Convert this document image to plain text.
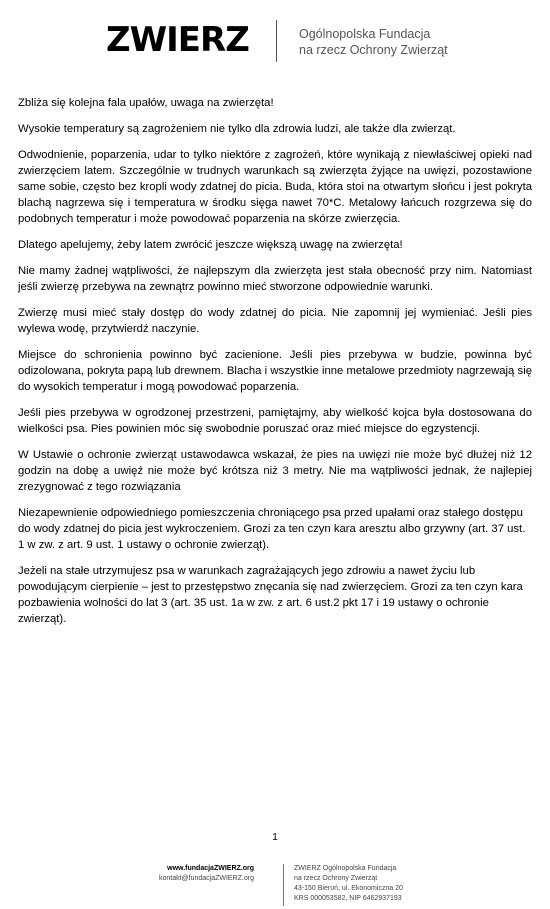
ZWIERZ	Ogólnopolska Fundacja
na rzecz Ochrony Zwierząt

Zbliża się kolejna fala upałów, uwaga na zwierzęta!

Wysokie temperatury są zagrożeniem nie tylko dla zdrowia ludzi, ale także dla zwierząt.

Odwodnienie, poparzenia, udar to tylko niektóre z zagrożeń, które wynikają z niewłaściwej opieki nad zwierzęciem latem. Szczególnie w trudnych warunkach są zwierzęta żyjące na uwięzi, pozostawione same sobie, często bez kropli wody zdatnej do picia. Buda, która stoi na otwartym słońcu i jest pokryta blachą nagrzewa się i temperatura w środku sięga nawet 70*C. Metalowy łańcuch rozgrzewa się do podobnych temperatur i może powodować poparzenia na skórze zwierzęcia.

Dlatego apelujemy, żeby latem zwrócić jeszcze większą uwagę na zwierzęta!

Nie mamy żadnej wątpliwości, że najlepszym dla zwierzęta jest stała obecność przy nim. Natomiast jeśli zwierzę przebywa na zewnątrz powinno mieć stworzone odpowiednie warunki.

Zwierzę musi mieć stały dostęp do wody zdatnej do picia. Nie zapomnij jej wymieniać. Jeśli pies wylewa wodę, przytwierdź naczynie.

Miejsce do schronienia powinno być zacienione. Jeśli pies przebywa w budzie, powinna być odizolowana, pokryta papą lub drewnem. Blacha i wszystkie inne metalowe przedmioty nagrzewają się do wysokich temperatur i mogą powodować poparzenia.

Jeśli pies przebywa w ogrodzonej przestrzeni, pamiętajmy, aby wielkość kojca była dostosowana do wielkości psa. Pies powinien móc się swobodnie poruszać oraz mieć miejsce do egzystencji.

W Ustawie o ochronie zwierząt ustawodawca wskazał, że pies na uwięzi nie może być dłużej niż 12 godzin na dobę a uwięź nie może być krótsza niż 3 metry. Nie ma wątpliwości jednak, że najlepiej zrezygnować z tego rozwiązania

Niezapewnienie odpowiedniego pomieszczenia chroniącego psa przed upałami oraz stałego dostępu do wody zdatnej do picia jest wykroczeniem. Grozi za ten czyn kara aresztu albo grzywny (art. 37 ust. 1 w zw. z art. 9 ust. 1 ustawy o ochronie zwierząt).

Jeżeli na stałe utrzymujesz psa w warunkach zagrażających jego zdrowiu a nawet życiu lub powodującym cierpienie – jest to przestępstwo znęcania się nad zwierzęciem. Grozi za ten czyn kara pozbawienia wolności do lat 3 (art. 35 ust. 1a w zw. z art. 6 ust.2 pkt 17 i 19 ustawy o ochronie zwierząt).

1
www.fundacjaZWIERZ.org
kontakt@fundacjaZWIERZ.org
ZWIERZ Ogólnopolska Fundacja
na rzecz Ochrony Zwierząt
43-150 Bieruń, ul. Ekonomiczna 20
KRS 000053582, NIP 6462937193
